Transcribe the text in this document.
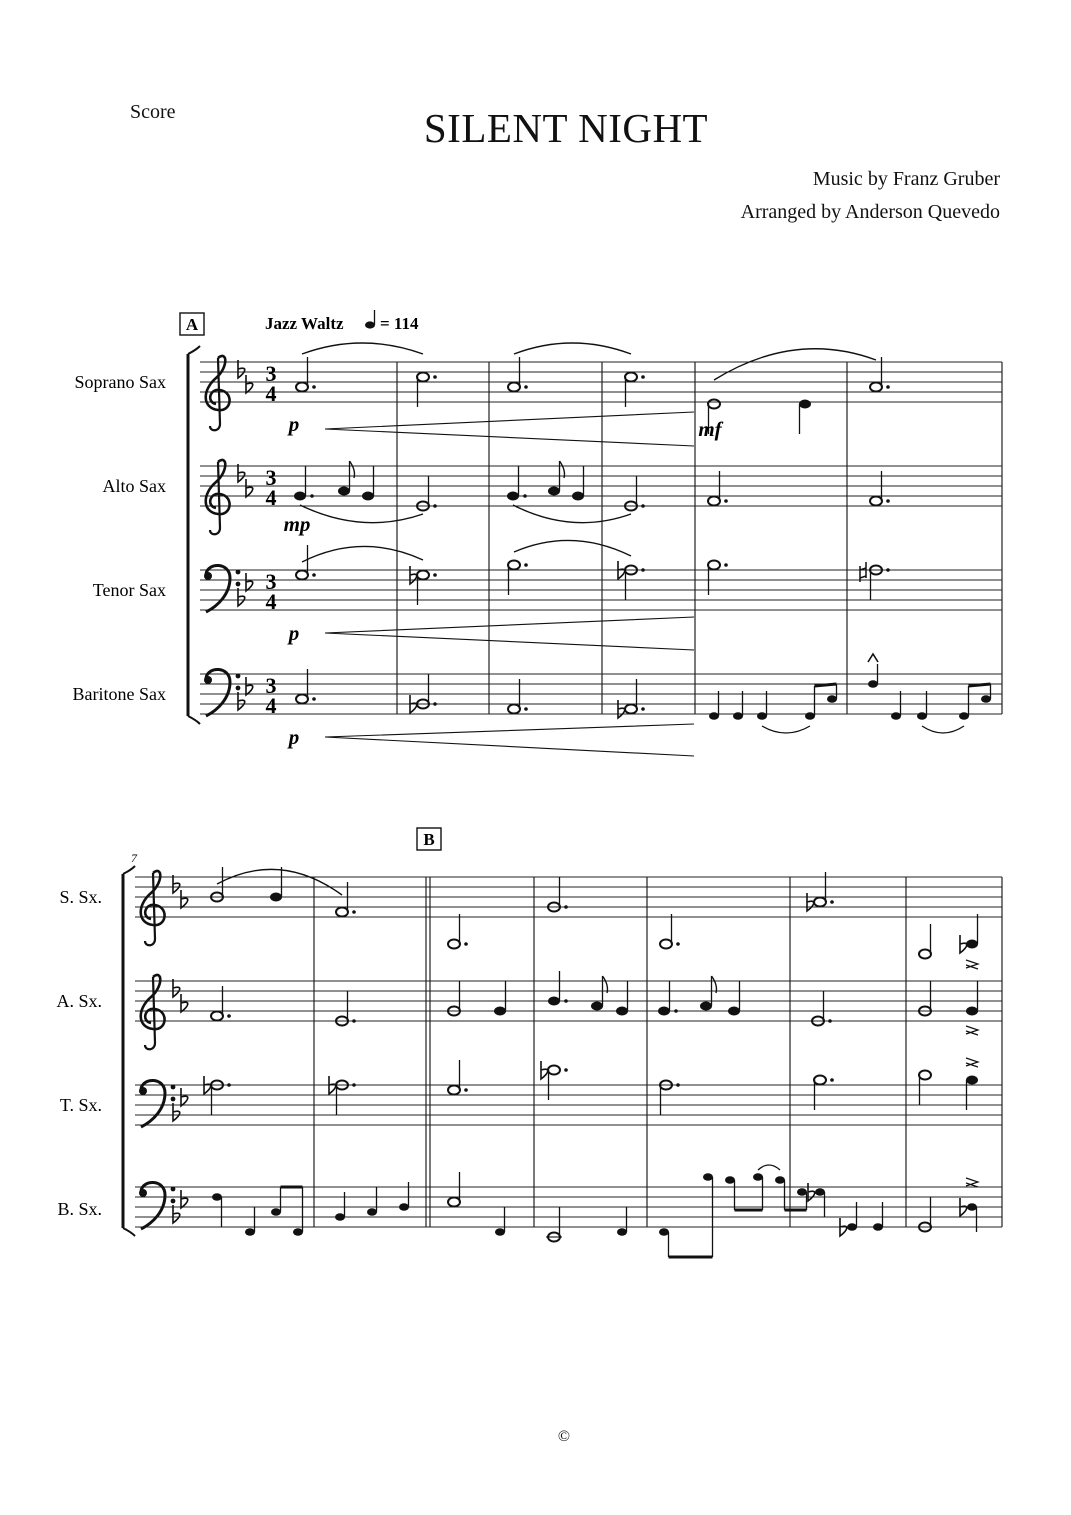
Score	SILENT NIGHT
Music by Franz Gruber
Arranged by Anderson Quevedo
©
A	Jazz Waltz = 114
Soprano Sax
Alto Sax
Tenor Sax
Baritone Sax
3
4
3
4
3
4
3
4
p	mf
mp
p
p
7
B
S. Sx.
A. Sx.
T. Sx.
B. Sx.
